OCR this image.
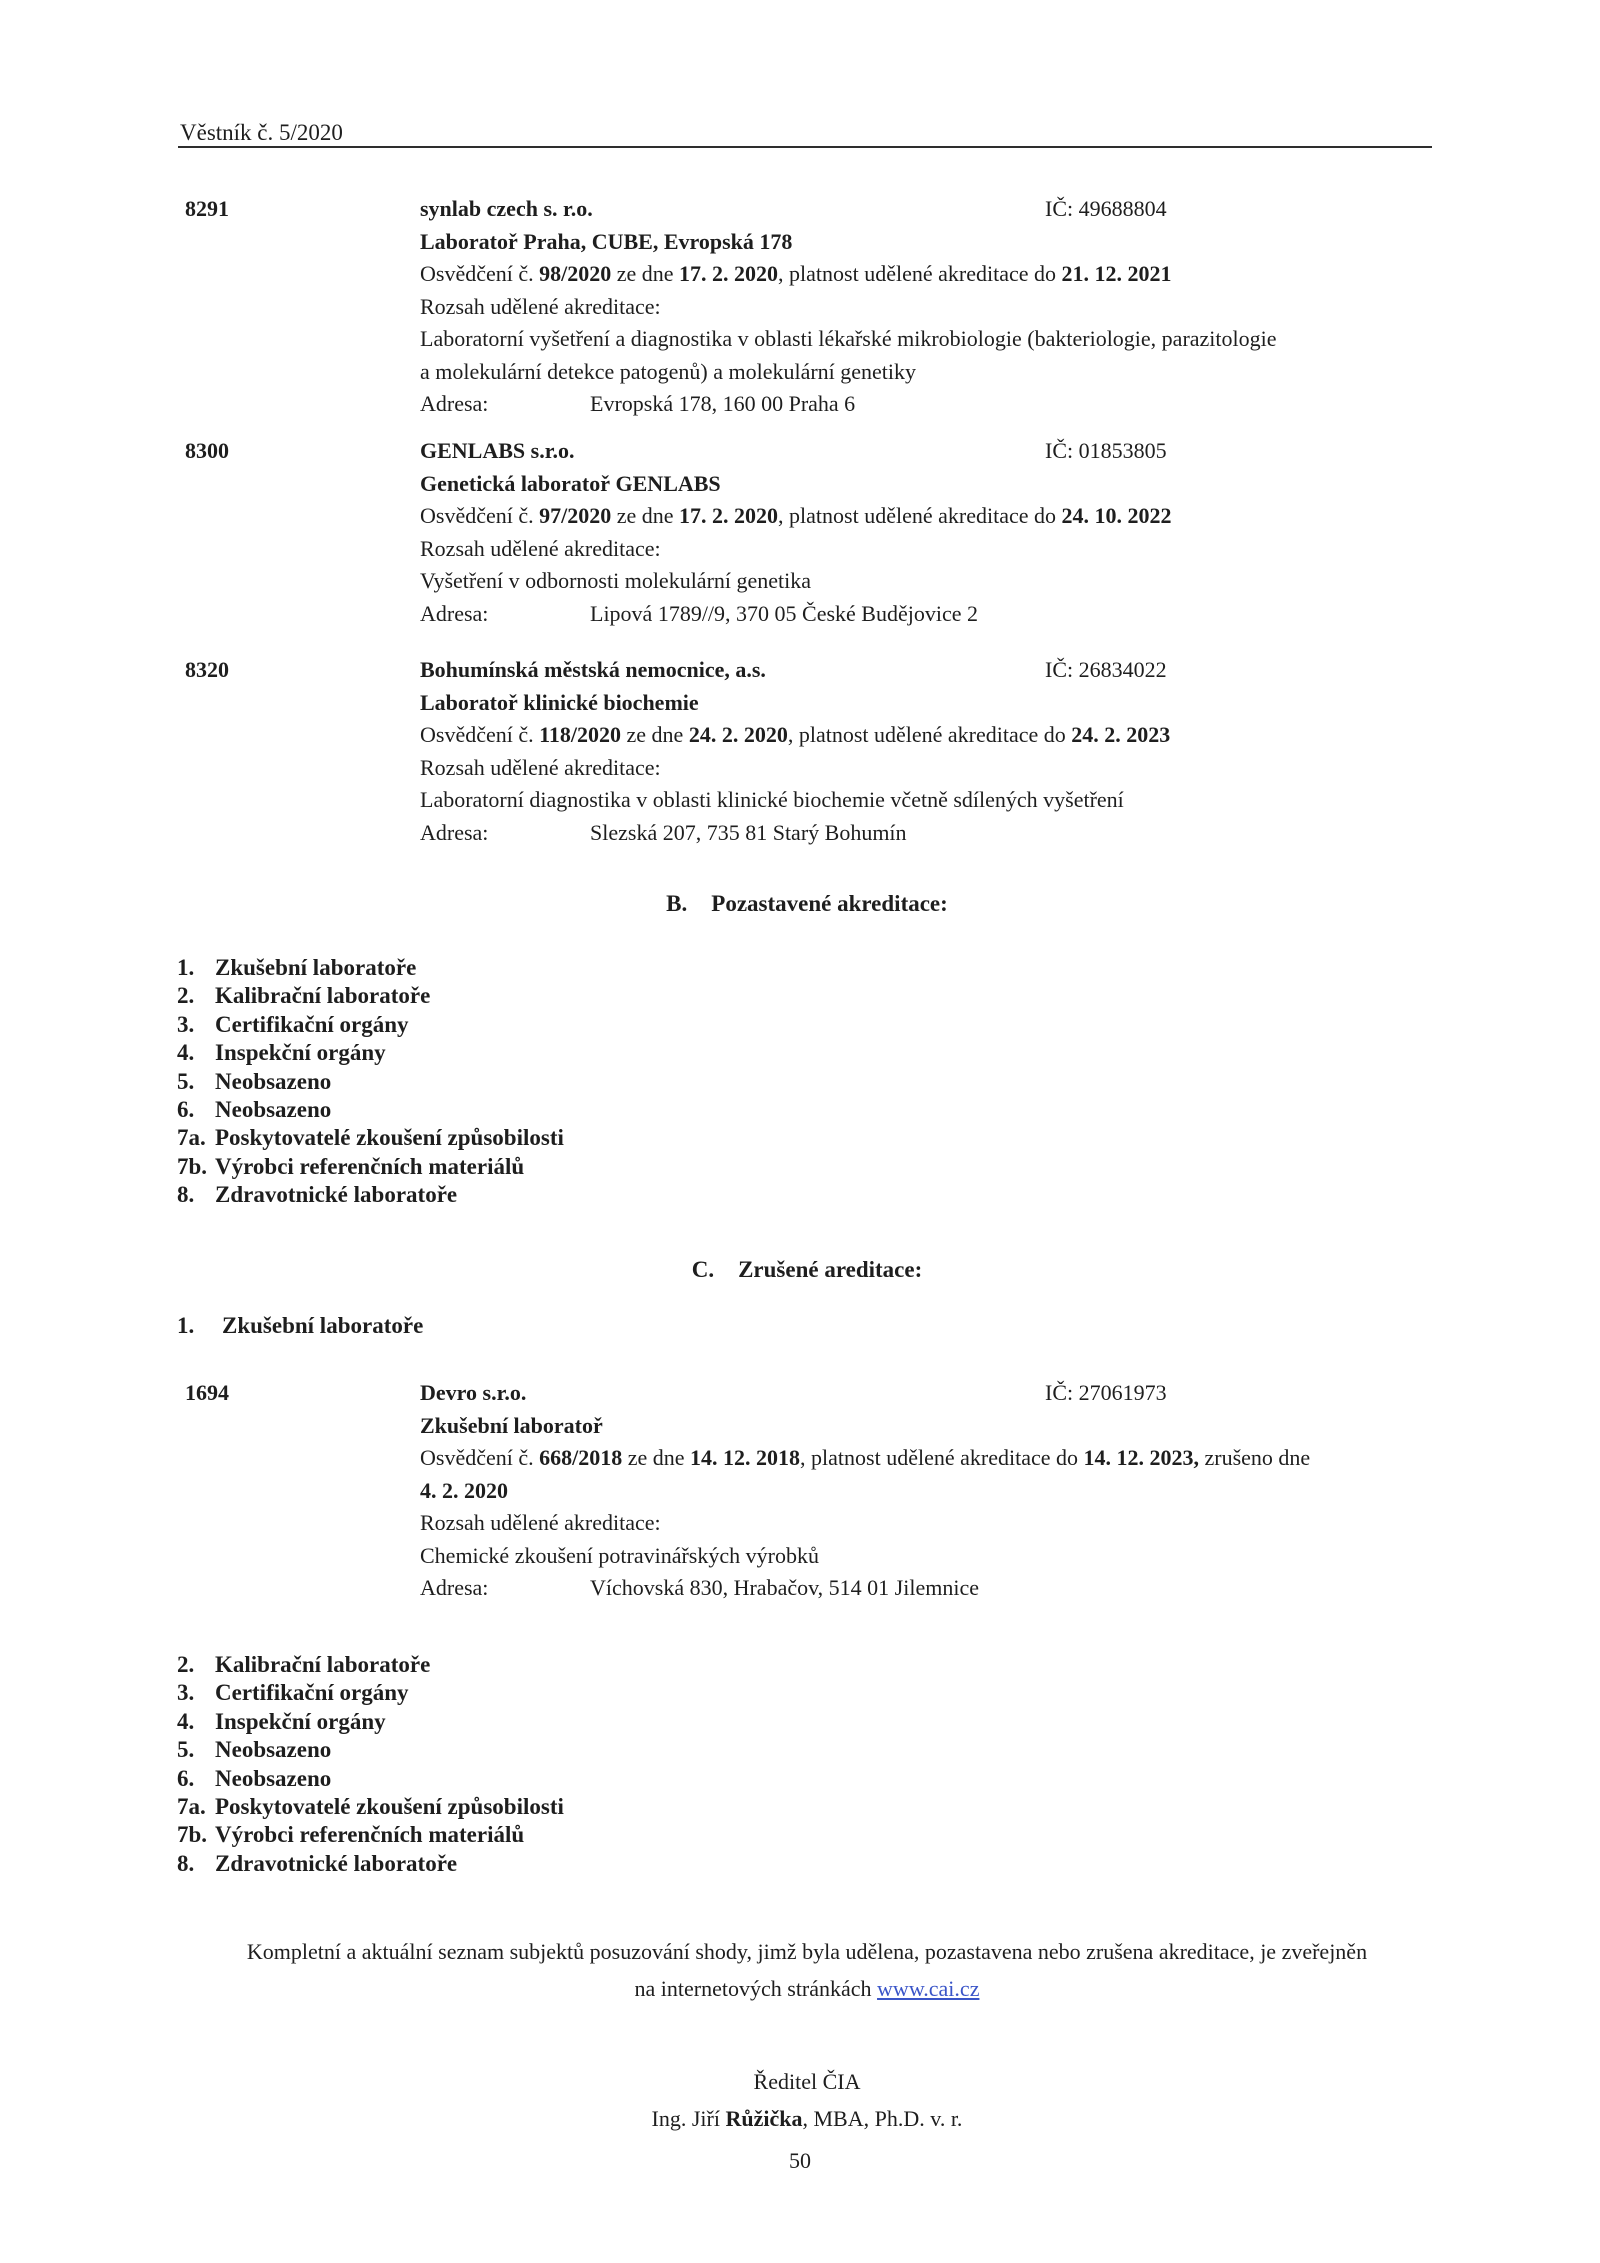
Věstník č. 5/2020
8291	synlab czech s. r.o.	IČ: 49688804
Laboratoř Praha, CUBE, Evropská 178
Osvědčení č. 98/2020 ze dne 17. 2. 2020, platnost udělené akreditace do 21. 12. 2021
Rozsah udělené akreditace:
Laboratorní vyšetření a diagnostika v oblasti lékařské mikrobiologie (bakteriologie, parazitologie
a molekulární detekce patogenů) a molekulární genetiky
Adresa:	Evropská 178, 160 00 Praha 6
8300	GENLABS s.r.o.	IČ: 01853805
Genetická laboratoř GENLABS
Osvědčení č. 97/2020 ze dne 17. 2. 2020, platnost udělené akreditace do 24. 10. 2022
Rozsah udělené akreditace:
Vyšetření v odbornosti molekulární genetika
Adresa:	Lipová 1789//9, 370 05 České Budějovice 2
8320	Bohumínská městská nemocnice, a.s.	IČ: 26834022
Laboratoř klinické biochemie
Osvědčení č. 118/2020 ze dne 24. 2. 2020, platnost udělené akreditace do 24. 2. 2023
Rozsah udělené akreditace:
Laboratorní diagnostika v oblasti klinické biochemie včetně sdílených vyšetření
Adresa:	Slezská 207, 735 81 Starý Bohumín
B. Pozastavené akreditace:
1. Zkušební laboratoře
2. Kalibrační laboratoře
3. Certifikační orgány
4. Inspekční orgány
5. Neobsazeno
6. Neobsazeno
7a. Poskytovatelé zkoušení způsobilosti
7b. Výrobci referenčních materiálů
8. Zdravotnické laboratoře
C. Zrušené areditace:
1. Zkušební laboratoře
1694	Devro s.r.o.	IČ: 27061973
Zkušební laboratoř
Osvědčení č. 668/2018 ze dne 14. 12. 2018, platnost udělené akreditace do 14. 12. 2023, zrušeno dne
4. 2. 2020
Rozsah udělené akreditace:
Chemické zkoušení potravinářských výrobků
Adresa:	Víchovská 830, Hrabačov, 514 01 Jilemnice
2. Kalibrační laboratoře
3. Certifikační orgány
4. Inspekční orgány
5. Neobsazeno
6. Neobsazeno
7a. Poskytovatelé zkoušení způsobilosti
7b. Výrobci referenčních materiálů
8. Zdravotnické laboratoře
Kompletní a aktuální seznam subjektů posuzování shody, jimž byla udělena, pozastavena nebo zrušena akreditace, je zveřejněn
na internetových stránkách www.cai.cz
Ředitel ČIA
Ing. Jiří Růžička, MBA, Ph.D. v. r.
50
